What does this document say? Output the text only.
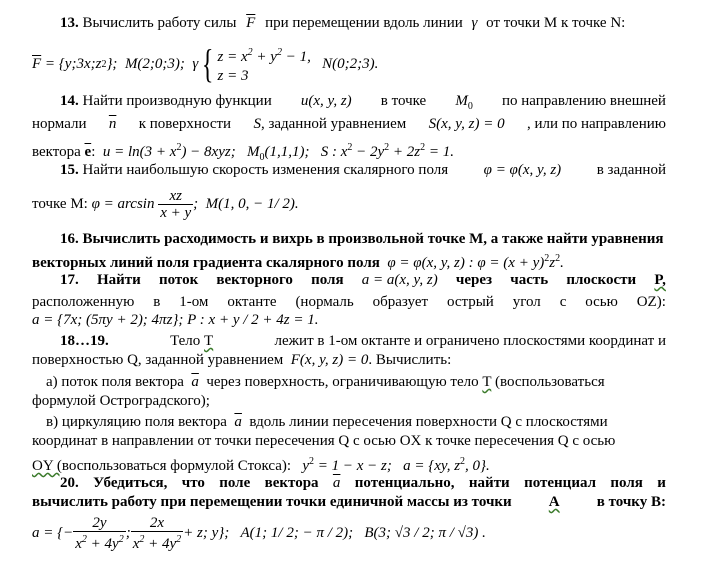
13. Вычислить работу силы $\overline{F}$ при перемещении вдоль линии γ от точки M к точке N:
$\overline{F}$
= {y;3x;z 2 };
M(2;0;3);
γ { $z = x^2 + y^2 - 1$,
z = 3

N(0;2;3).
14. Найти производную функции u(x, y, z) в точке $M_0$ по направлению внешней
нормали $\overline{n}$ к поверхности S, заданной уравнением S(x, y, z) = 0 , или по направлению
вектора $\overline{e}$: $u = \ln(3 + x^2) - 8xyz$; $M_0(1,1,1)$; S : $x^2 - 2y^2 + 2z^2 = 1$.
15. Найти наибольшую скорость изменения скалярного поля φ = φ(x, y, z) в заданной
точке M:
φ = arcsin
$\frac{xz}{x + y}$ ;
M(1, 0, − 1/ 2).
16. Вычислить расходимость и вихрь в произвольной точке M, а также найти уравнения
векторных линий поля градиента скалярного поля φ = φ(x, y, z) : $\varphi = (x + y)^2z^2$.
17. Найти поток векторного поля a = a(x, y, z) через часть плоскости P,
расположенную в 1-ом октанте (нормаль образует острый угол с осью OZ):
a = {7x; (5πy + 2); 4πz}; P : x + y / 2 + 4z = 1.
18…19.	Тело T	лежит в 1-ом октанте и ограничено плоскостями координат и
поверхностью Q, заданной уравнением F(x, y, z) = 0. Вычислить:
а) поток поля вектора $\overline{a}$ через поверхность, ограничивающую тело T (воспользоваться
формулой Остроградского);
в) циркуляцию поля вектора $\overline{a}$ вдоль линии пересечения поверхности Q с плоскостями
координат в направлении от точки пересечения Q с осью OX к точке пересечения Q с осью
OY (воспользоваться формулой Стокса): $y^2 = 1 - x - z$; a = {xy, $z^2$, 0}.
20. Убедиться, что поле вектора $\overline{a}$ потенциально, найти потенциал поля и
вычислить работу при перемещении точки единичной массы из точки A в точку B:
a = {− $\frac{2y}{x^2 + 4y^2}$ ; $\frac{2x}{x^2 + 4y^2} + z$; y};
A(1; 1/ 2; − π / 2);
B(3; √3 / 2; π / √3) .
